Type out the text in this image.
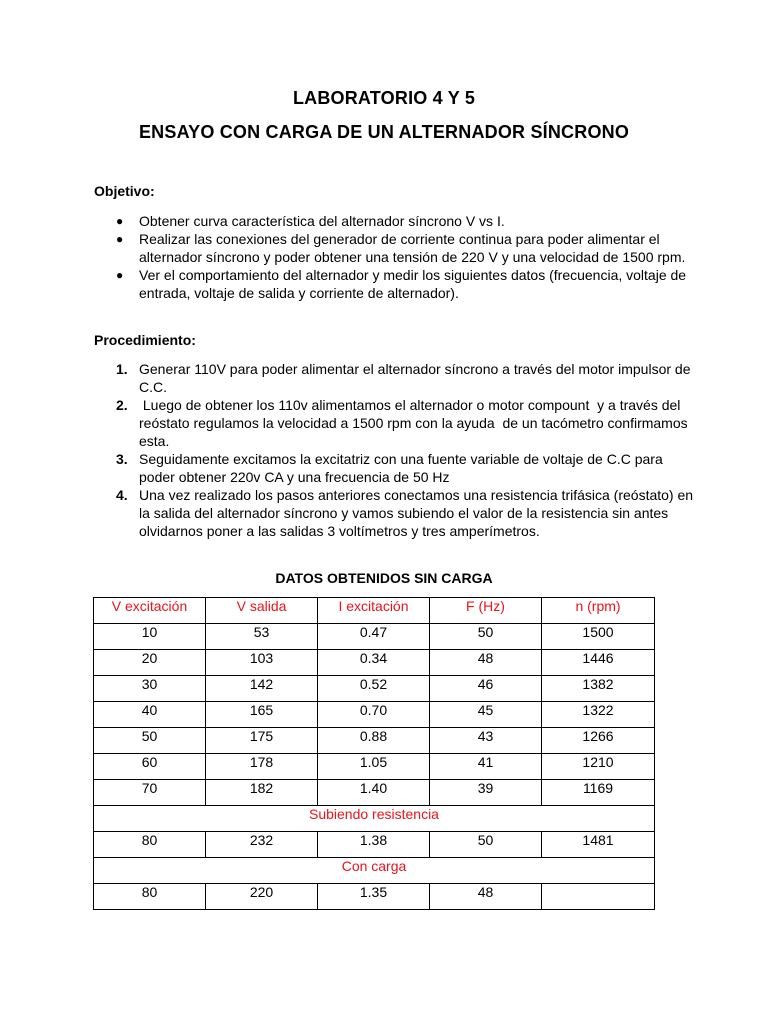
LABORATORIO 4 Y 5
ENSAYO CON CARGA DE UN ALTERNADOR SÍNCRONO
Objetivo:
● Obtener curva característica del alternador síncrono V vs I.
● Realizar las conexiones del generador de corriente continua para poder alimentar el alternador síncrono y poder obtener una tensión de 220 V y una velocidad de 1500 rpm.
● Ver el comportamiento del alternador y medir los siguientes datos (frecuencia, voltaje de entrada, voltaje de salida y corriente de alternador).
Procedimiento:
1. Generar 110V para poder alimentar el alternador síncrono a través del motor impulsor de C.C.
2. Luego de obtener los 110v alimentamos el alternador o motor compount  y a través del reóstato regulamos la velocidad a 1500 rpm con la ayuda  de un tacómetro confirmamos esta.
3. Seguidamente excitamos la excitatriz con una fuente variable de voltaje de C.C para poder obtener 220v CA y una frecuencia de 50 Hz
4. Una vez realizado los pasos anteriores conectamos una resistencia trifásica (reóstato) en la salida del alternador síncrono y vamos subiendo el valor de la resistencia sin antes olvidarnos poner a las salidas 3 voltímetros y tres amperímetros.
DATOS OBTENIDOS SIN CARGA
V excitación	V salida	I excitación	F (Hz)	n (rpm)
10	53	0.47	50	1500
20	103	0.34	48	1446
30	142	0.52	46	1382
40	165	0.70	45	1322
50	175	0.88	43	1266
60	178	1.05	41	1210
70	182	1.40	39	1169
Subiendo resistencia				
80	232	1.38	50	1481
Con carga				
80	220	1.35	48	
